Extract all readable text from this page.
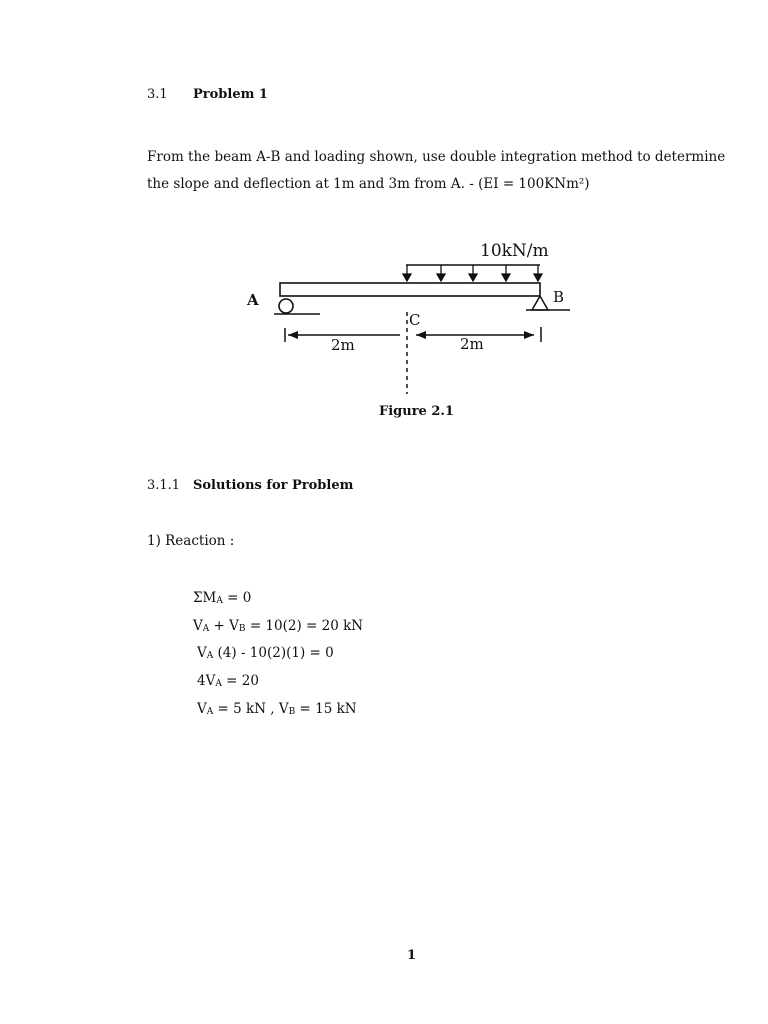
3.1 Problem 1
From the beam A-B and loading shown, use double integration method to determine
the slope and deflection at 1m and 3m from A. - (EI = 100KNm²)
10kN/m
A	B
2m	2m
C
Figure 2.1
3.1.1 Solutions for Problem
1) Reaction :
$\Sigma M_A = 0$
$V_A + V_B = 10(2) = 20$ kN
$V_A$ (4) - 10(2)(1) = 0
$4V_A = 20$
$V_A = 5$ kN , $V_B = 15$ kN
1
